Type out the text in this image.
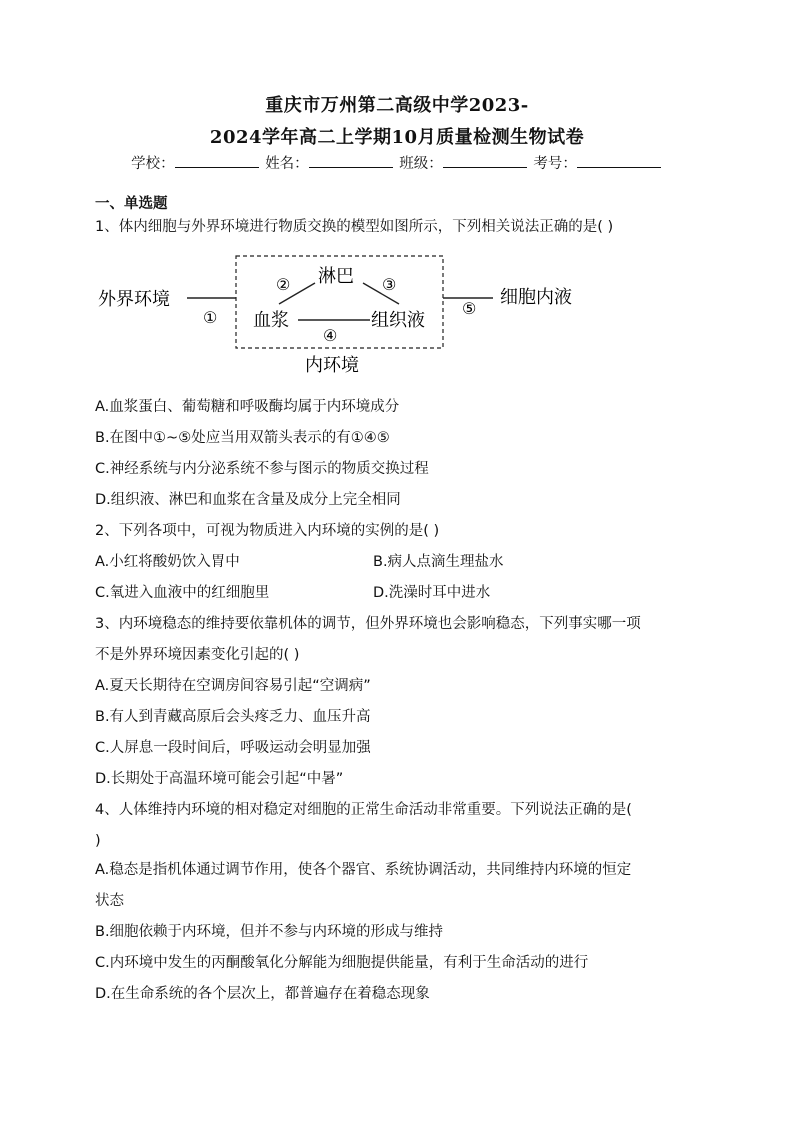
重庆市万州第二高级中学2023-
2024学年高二上学期10月质量检测生物试卷
学校：	姓名：	班级：	考号：
一、单选题
1、体内细胞与外界环境进行物质交换的模型如图所示，下列相关说法正确的是( )
外界环境
淋巴
血浆	组织液
细胞内液
内环境
①
②	③
④
⑤
A.血浆蛋白、葡萄糖和呼吸酶均属于内环境成分
B.在图中①~⑤处应当用双箭头表示的有①④⑤
C.神经系统与内分泌系统不参与图示的物质交换过程
D.组织液、淋巴和血浆在含量及成分上完全相同
2、下列各项中，可视为物质进入内环境的实例的是( )
A.小红将酸奶饮入胃中	B.病人点滴生理盐水
C.氧进入血液中的红细胞里	D.洗澡时耳中进水
3、内环境稳态的维持要依靠机体的调节，但外界环境也会影响稳态，下列事实哪一项
不是外界环境因素变化引起的( )
A.夏天长期待在空调房间容易引起“空调病”
B.有人到青藏高原后会头疼乏力、血压升高
C.人屏息一段时间后，呼吸运动会明显加强
D.长期处于高温环境可能会引起“中暑”
4、人体维持内环境的相对稳定对细胞的正常生命活动非常重要。下列说法正确的是(
)
A.稳态是指机体通过调节作用，使各个器官、系统协调活动，共同维持内环境的恒定
状态
B.细胞依赖于内环境，但并不参与内环境的形成与维持
C.内环境中发生的丙酮酸氧化分解能为细胞提供能量，有利于生命活动的进行
D.在生命系统的各个层次上，都普遍存在着稳态现象
